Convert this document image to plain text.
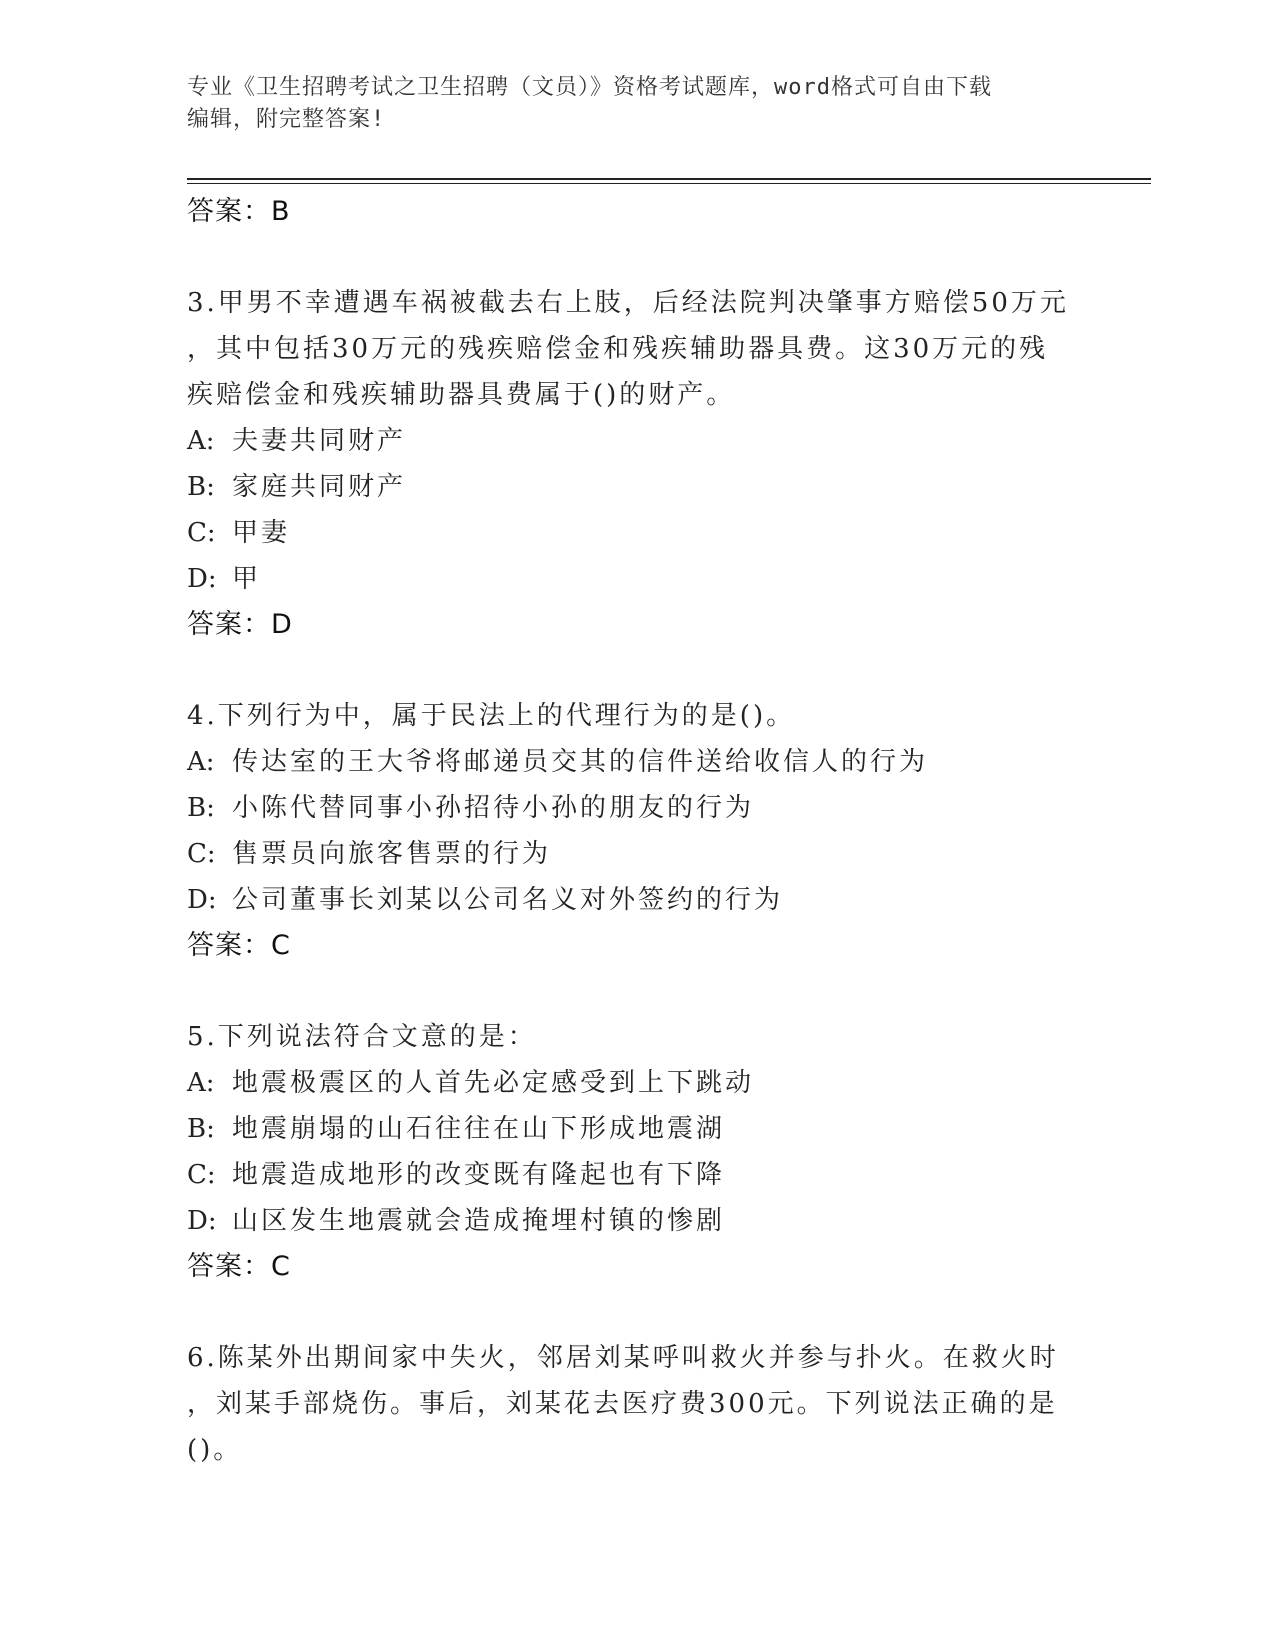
专业《卫生招聘考试之卫生招聘（文员）》资格考试题库，word格式可自由下载
编辑，附完整答案!
答案：B
3.甲男不幸遭遇车祸被截去右上肢，后经法院判决肇事方赔偿50万元
，其中包括30万元的残疾赔偿金和残疾辅助器具费。这30万元的残
疾赔偿金和残疾辅助器具费属于()的财产。
A: 夫妻共同财产
B: 家庭共同财产
C: 甲妻
D: 甲
答案：D
4.下列行为中，属于民法上的代理行为的是()。
A: 传达室的王大爷将邮递员交其的信件送给收信人的行为
B: 小陈代替同事小孙招待小孙的朋友的行为
C: 售票员向旅客售票的行为
D: 公司董事长刘某以公司名义对外签约的行为
答案：C
5.下列说法符合文意的是：
A: 地震极震区的人首先必定感受到上下跳动
B: 地震崩塌的山石往往在山下形成地震湖
C: 地震造成地形的改变既有隆起也有下降
D: 山区发生地震就会造成掩埋村镇的惨剧
答案：C
6.陈某外出期间家中失火，邻居刘某呼叫救火并参与扑火。在救火时
，刘某手部烧伤。事后，刘某花去医疗费300元。下列说法正确的是
()。
